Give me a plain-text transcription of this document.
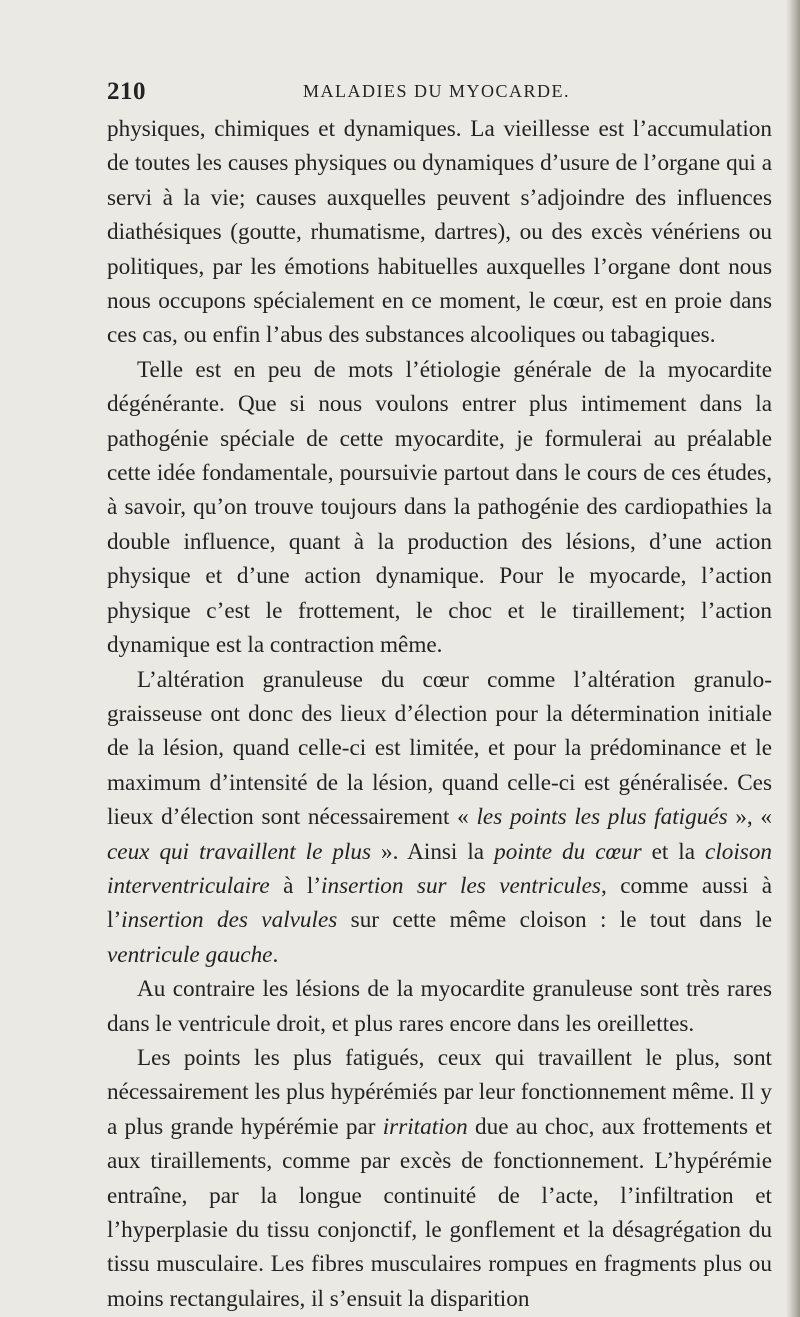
210	MALADIES DU MYOCARDE.

physiques, chimiques et dynamiques. La vieillesse est l’accumulation de toutes les causes physiques ou dynamiques d’usure de l’organe qui a servi à la vie; causes auxquelles peuvent s’adjoindre des influences diathésiques (goutte, rhumatisme, dartres), ou des excès vénériens ou politiques, par les émotions habituelles auxquelles l’organe dont nous nous occupons spécialement en ce moment, le cœur, est en proie dans ces cas, ou enfin l’abus des substances alcooliques ou tabagiques.

Telle est en peu de mots l’étiologie générale de la myocardite dégénérante. Que si nous voulons entrer plus intimement dans la pathogénie spéciale de cette myocardite, je formulerai au préalable cette idée fondamentale, poursuivie partout dans le cours de ces études, à savoir, qu’on trouve toujours dans la pathogénie des cardiopathies la double influence, quant à la production des lésions, d’une action physique et d’une action dynamique. Pour le myocarde, l’action physique c’est le frottement, le choc et le tiraillement; l’action dynamique est la contraction même.

L’altération granuleuse du cœur comme l’altération granulo-graisseuse ont donc des lieux d’élection pour la détermination initiale de la lésion, quand celle-ci est limitée, et pour la prédominance et le maximum d’intensité de la lésion, quand celle-ci est généralisée. Ces lieux d’élection sont nécessairement « les points les plus fatigués », « ceux qui travaillent le plus ». Ainsi la pointe du cœur et la cloison interventriculaire à l’insertion sur les ventricules, comme aussi à l’insertion des valvules sur cette même cloison : le tout dans le ventricule gauche.

Au contraire les lésions de la myocardite granuleuse sont très rares dans le ventricule droit, et plus rares encore dans les oreillettes.

Les points les plus fatigués, ceux qui travaillent le plus, sont nécessairement les plus hypérémiés par leur fonctionnement même. Il y a plus grande hypérémie par irritation due au choc, aux frottements et aux tiraillements, comme par excès de fonctionnement. L’hypérémie entraîne, par la longue continuité de l’acte, l’infiltration et l’hyperplasie du tissu conjonctif, le gonflement et la désagrégation du tissu musculaire. Les fibres musculaires rompues en fragments plus ou moins rectangulaires, il s’ensuit la disparition
